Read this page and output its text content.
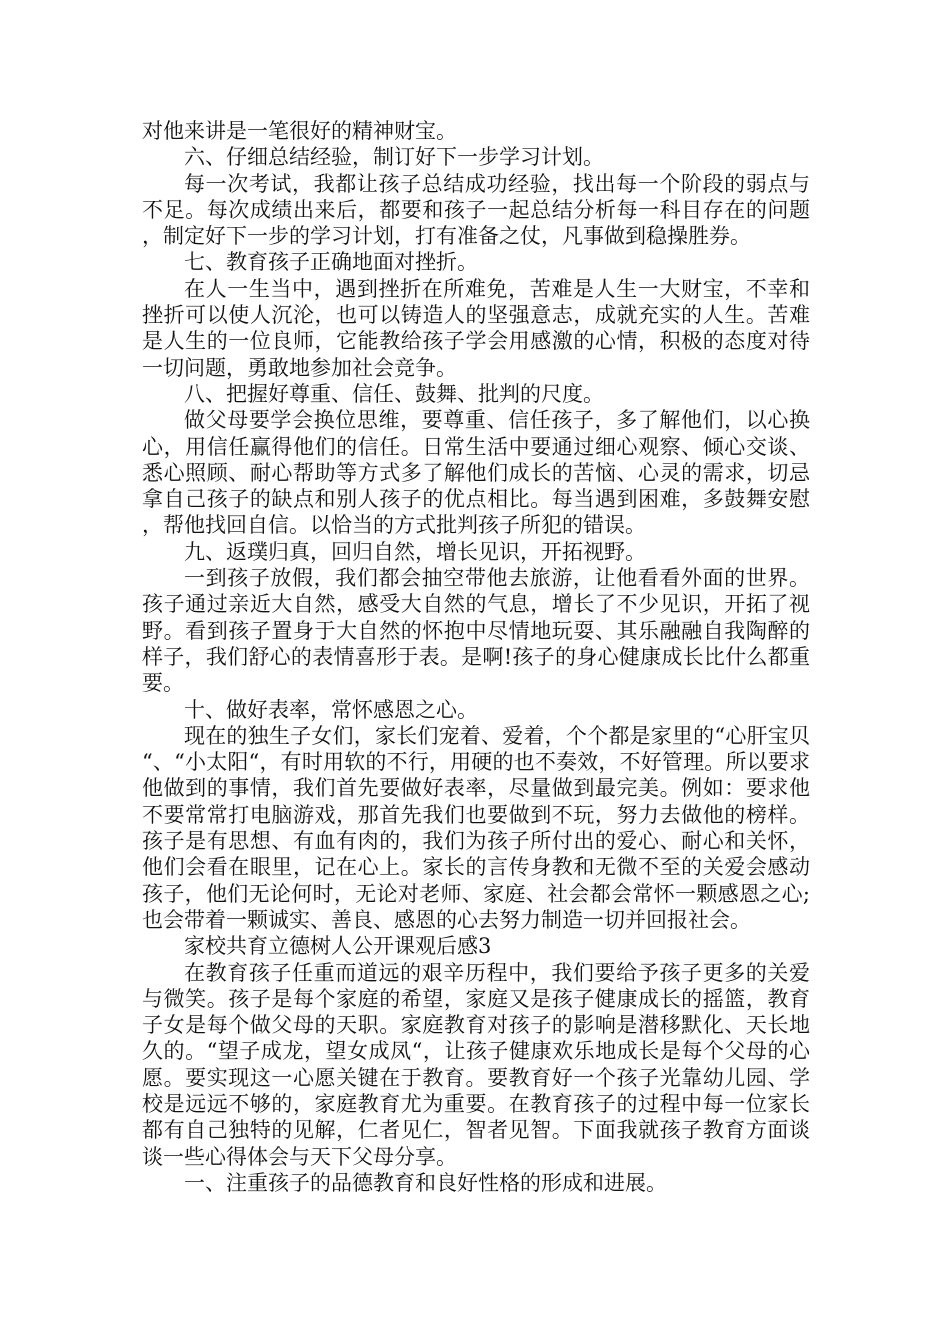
对他来讲是一笔很好的精神财宝。

六、仔细总结经验，制订好下一步学习计划。

每一次考试，我都让孩子总结成功经验，找出每一个阶段的弱点与不足。每次成绩出来后，都要和孩子一起总结分析每一科目存在的问题，制定好下一步的学习计划，打有准备之仗，凡事做到稳操胜券。

七、教育孩子正确地面对挫折。

在人一生当中，遇到挫折在所难免，苦难是人生一大财宝，不幸和挫折可以使人沉沦，也可以铸造人的坚强意志，成就充实的人生。苦难是人生的一位良师，它能教给孩子学会用感激的心情，积极的态度对待一切问题，勇敢地参加社会竞争。

八、把握好尊重、信任、鼓舞、批判的尺度。

做父母要学会换位思维，要尊重、信任孩子，多了解他们，以心换心，用信任赢得他们的信任。日常生活中要通过细心观察、倾心交谈、悉心照顾、耐心帮助等方式多了解他们成长的苦恼、心灵的需求，切忌拿自己孩子的缺点和别人孩子的优点相比。每当遇到困难，多鼓舞安慰，帮他找回自信。以恰当的方式批判孩子所犯的错误。

九、返璞归真，回归自然，增长见识，开拓视野。

一到孩子放假，我们都会抽空带他去旅游，让他看看外面的世界。孩子通过亲近大自然，感受大自然的气息，增长了不少见识，开拓了视野。看到孩子置身于大自然的怀抱中尽情地玩耍、其乐融融自我陶醉的样子，我们舒心的表情喜形于表。是啊!孩子的身心健康成长比什么都重要。

十、做好表率，常怀感恩之心。

现在的独生子女们，家长们宠着、爱着，个个都是家里的“心肝宝贝“、“小太阳“，有时用软的不行，用硬的也不奏效，不好管理。所以要求他做到的事情，我们首先要做好表率，尽量做到最完美。例如：要求他不要常常打电脑游戏，那首先我们也要做到不玩，努力去做他的榜样。孩子是有思想、有血有肉的，我们为孩子所付出的爱心、耐心和关怀，他们会看在眼里，记在心上。家长的言传身教和无微不至的关爱会感动孩子，他们无论何时，无论对老师、家庭、社会都会常怀一颗感恩之心;也会带着一颗诚实、善良、感恩的心去努力制造一切并回报社会。

家校共育立德树人公开课观后感3

在教育孩子任重而道远的艰辛历程中，我们要给予孩子更多的关爱与微笑。孩子是每个家庭的希望，家庭又是孩子健康成长的摇篮，教育子女是每个做父母的天职。家庭教育对孩子的影响是潜移默化、天长地久的。“望子成龙，望女成凤“，让孩子健康欢乐地成长是每个父母的心愿。要实现这一心愿关键在于教育。要教育好一个孩子光靠幼儿园、学校是远远不够的，家庭教育尤为重要。在教育孩子的过程中每一位家长都有自己独特的见解，仁者见仁，智者见智。下面我就孩子教育方面谈谈一些心得体会与天下父母分享。

一、注重孩子的品德教育和良好性格的形成和进展。
